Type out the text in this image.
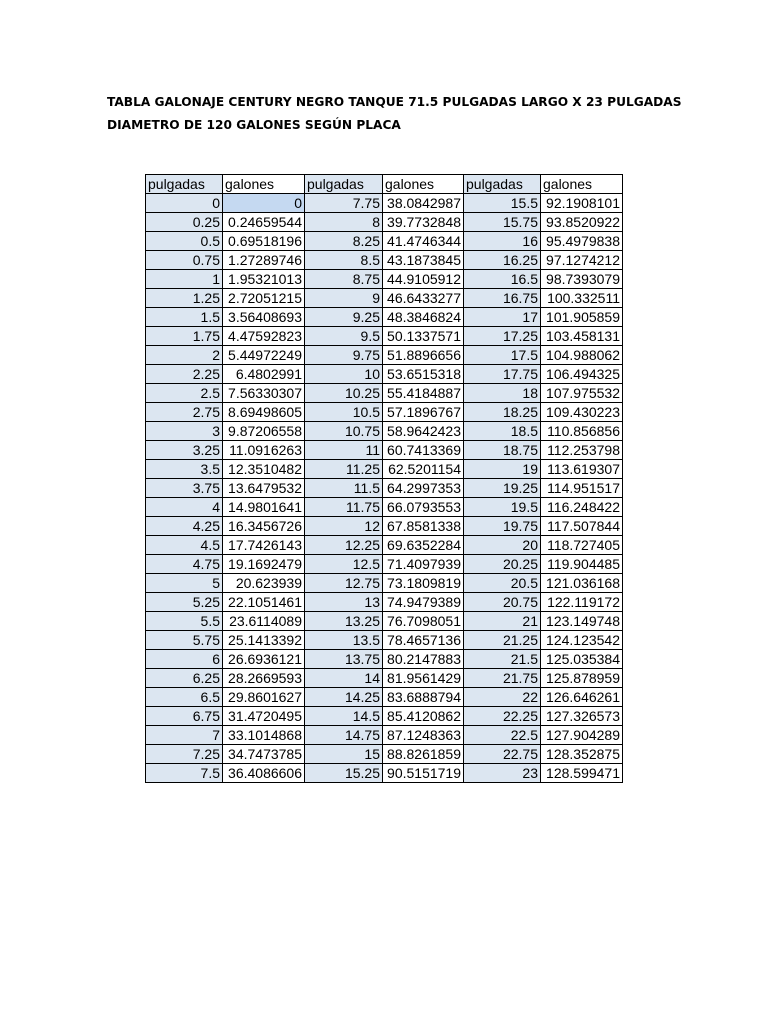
TABLA GALONAJE CENTURY NEGRO TANQUE 71.5 PULGADAS LARGO X 23 PULGADAS
DIAMETRO DE 120 GALONES SEGÚN PLACA
pulgadas	galones	pulgadas	galones	pulgadas	galones
0	0	7.75	38.0842987	15.5	92.1908101
0.25	0.24659544	8	39.7732848	15.75	93.8520922
0.5	0.69518196	8.25	41.4746344	16	95.4979838
0.75	1.27289746	8.5	43.1873845	16.25	97.1274212
1	1.95321013	8.75	44.9105912	16.5	98.7393079
1.25	2.72051215	9	46.6433277	16.75	100.332511
1.5	3.56408693	9.25	48.3846824	17	101.905859
1.75	4.47592823	9.5	50.1337571	17.25	103.458131
2	5.44972249	9.75	51.8896656	17.5	104.988062
2.25	6.4802991	10	53.6515318	17.75	106.494325
2.5	7.56330307	10.25	55.4184887	18	107.975532
2.75	8.69498605	10.5	57.1896767	18.25	109.430223
3	9.87206558	10.75	58.9642423	18.5	110.856856
3.25	11.0916263	11	60.7413369	18.75	112.253798
3.5	12.3510482	11.25	62.5201154	19	113.619307
3.75	13.6479532	11.5	64.2997353	19.25	114.951517
4	14.9801641	11.75	66.0793553	19.5	116.248422
4.25	16.3456726	12	67.8581338	19.75	117.507844
4.5	17.7426143	12.25	69.6352284	20	118.727405
4.75	19.1692479	12.5	71.4097939	20.25	119.904485
5	20.623939	12.75	73.1809819	20.5	121.036168
5.25	22.1051461	13	74.9479389	20.75	122.119172
5.5	23.6114089	13.25	76.7098051	21	123.149748
5.75	25.1413392	13.5	78.4657136	21.25	124.123542
6	26.6936121	13.75	80.2147883	21.5	125.035384
6.25	28.2669593	14	81.9561429	21.75	125.878959
6.5	29.8601627	14.25	83.6888794	22	126.646261
6.75	31.4720495	14.5	85.4120862	22.25	127.326573
7	33.1014868	14.75	87.1248363	22.5	127.904289
7.25	34.7473785	15	88.8261859	22.75	128.352875
7.5	36.4086606	15.25	90.5151719	23	128.599471
